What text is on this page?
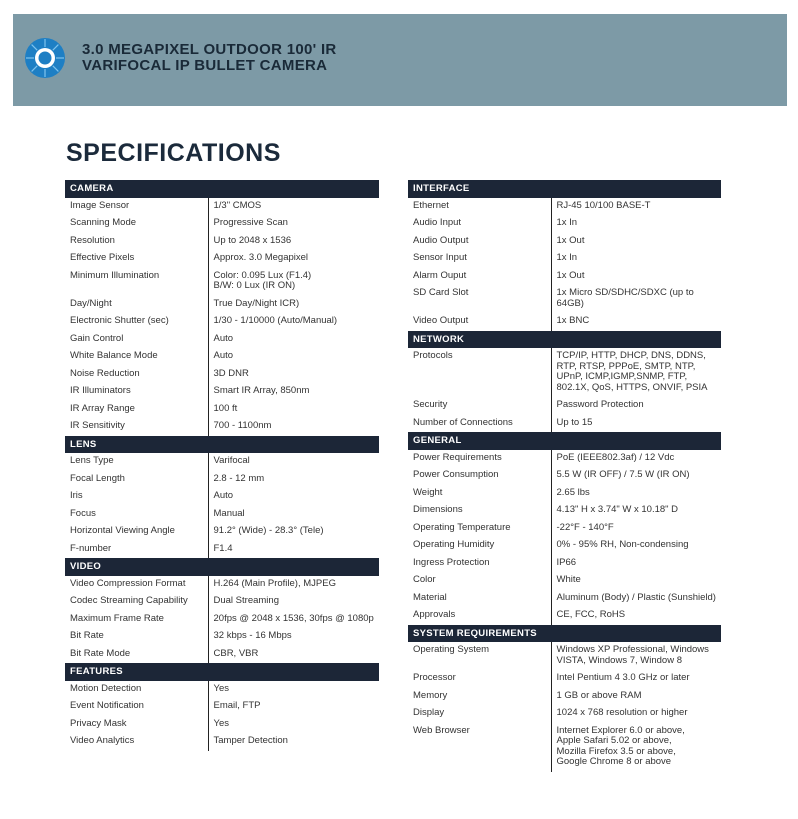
3.0 MEGAPIXEL OUTDOOR 100' IR
VARIFOCAL IP BULLET CAMERA
SPECIFICATIONS
CAMERA	
Image Sensor	1/3" CMOS
Scanning Mode	Progressive Scan
Resolution	Up to 2048 x 1536
Effective Pixels	Approx. 3.0 Megapixel
Minimum Illumination	Color: 0.095 Lux (F1.4)
B/W: 0 Lux (IR ON)
Day/Night	True Day/Night ICR)
Electronic Shutter (sec)	1/30 - 1/10000 (Auto/Manual)
Gain Control	Auto
White Balance Mode	Auto
Noise Reduction	3D DNR
IR Illuminators	Smart IR Array, 850nm
IR Array Range	100 ft
IR Sensitivity	700 - 1100nm
LENS	
Lens Type	Varifocal
Focal Length	2.8 - 12 mm
Iris	Auto
Focus	Manual
Horizontal Viewing Angle	91.2° (Wide) - 28.3° (Tele)
F-number	F1.4
VIDEO	
Video Compression Format	H.264 (Main Profile), MJPEG
Codec Streaming Capability	Dual Streaming
Maximum Frame Rate	20fps @ 2048 x 1536, 30fps @ 1080p
Bit Rate	32 kbps - 16 Mbps
Bit Rate Mode	CBR, VBR
FEATURES	
Motion Detection	Yes
Event Notification	Email, FTP
Privacy Mask	Yes
Video Analytics	Tamper Detection
INTERFACE	
Ethernet	RJ-45 10/100 BASE-T
Audio Input	1x In
Audio Output	1x Out
Sensor Input	1x In
Alarm Ouput	1x Out
SD Card Slot	1x Micro SD/SDHC/SDXC (up to 64GB)
Video Output	1x BNC
NETWORK	
Protocols	TCP/IP, HTTP, DHCP, DNS, DDNS, RTP, RTSP, PPPoE, SMTP, NTP, UPnP, ICMP,IGMP,SNMP, FTP, 802.1X, QoS, HTTPS, ONVIF, PSIA
Security	Password Protection
Number of Connections	Up to 15
GENERAL	
Power Requirements	PoE (IEEE802.3af) / 12 Vdc
Power Consumption	5.5 W (IR OFF) / 7.5 W (IR ON)
Weight	2.65 lbs
Dimensions	4.13" H x 3.74" W x 10.18" D
Operating Temperature	-22°F - 140°F
Operating Humidity	0% - 95% RH, Non-condensing
Ingress Protection	IP66
Color	White
Material	Aluminum (Body) / Plastic (Sunshield)
Approvals	CE, FCC, RoHS
SYSTEM REQUIREMENTS	
Operating System	Windows XP Professional, Windows VISTA, Windows 7, Window 8
Processor	Intel Pentium 4 3.0 GHz or later
Memory	1 GB or above RAM
Display	1024 x 768 resolution or higher
Web Browser	Internet Explorer 6.0 or above,
Apple Safari 5.02 or above,
Mozilla Firefox 3.5 or above,
Google Chrome 8 or above
